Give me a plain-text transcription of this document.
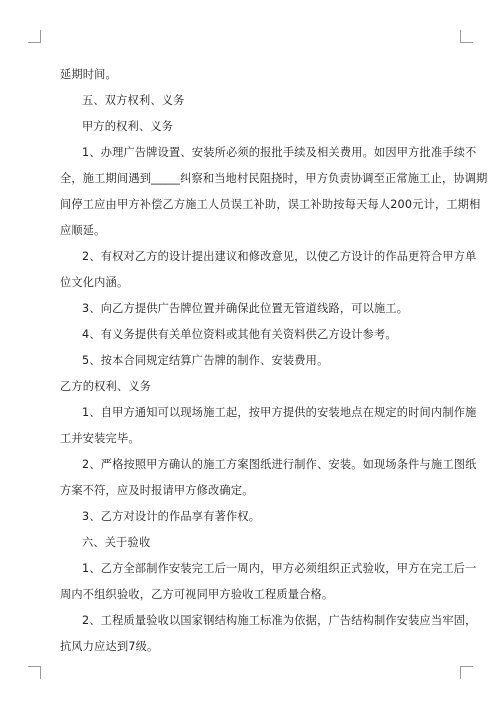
延期时间。
五、双方权利、义务
甲方的权利、义务
1、办理广告牌设置、安装所必须的报批手续及相关费用。如因甲方批准手续不
全，施工期间遇到_____纠察和当地村民阻挠时，甲方负责协调至正常施工止，协调期
间停工应由甲方补偿乙方施工人员误工补助，误工补助按每天每人200元计，工期相
应顺延。
2、有权对乙方的设计提出建议和修改意见，以使乙方设计的作品更符合甲方单
位文化内涵。
3、向乙方提供广告牌位置并确保此位置无管道线路，可以施工。
4、有义务提供有关单位资料或其他有关资料供乙方设计参考。
5、按本合同规定结算广告牌的制作、安装费用。
乙方的权利、义务
1、自甲方通知可以现场施工起，按甲方提供的安装地点在规定的时间内制作施
工并安装完毕。
2、严格按照甲方确认的施工方案图纸进行制作、安装。如现场条件与施工图纸
方案不符，应及时报请甲方修改确定。
3、乙方对设计的作品享有著作权。
六、关于验收
1、乙方全部制作安装完工后一周内，甲方必须组织正式验收，甲方在完工后一
周内不组织验收，乙方可视同甲方验收工程质量合格。
2、工程质量验收以国家钢结构施工标准为依据，广告结构制作安装应当牢固，
抗风力应达到7级。
